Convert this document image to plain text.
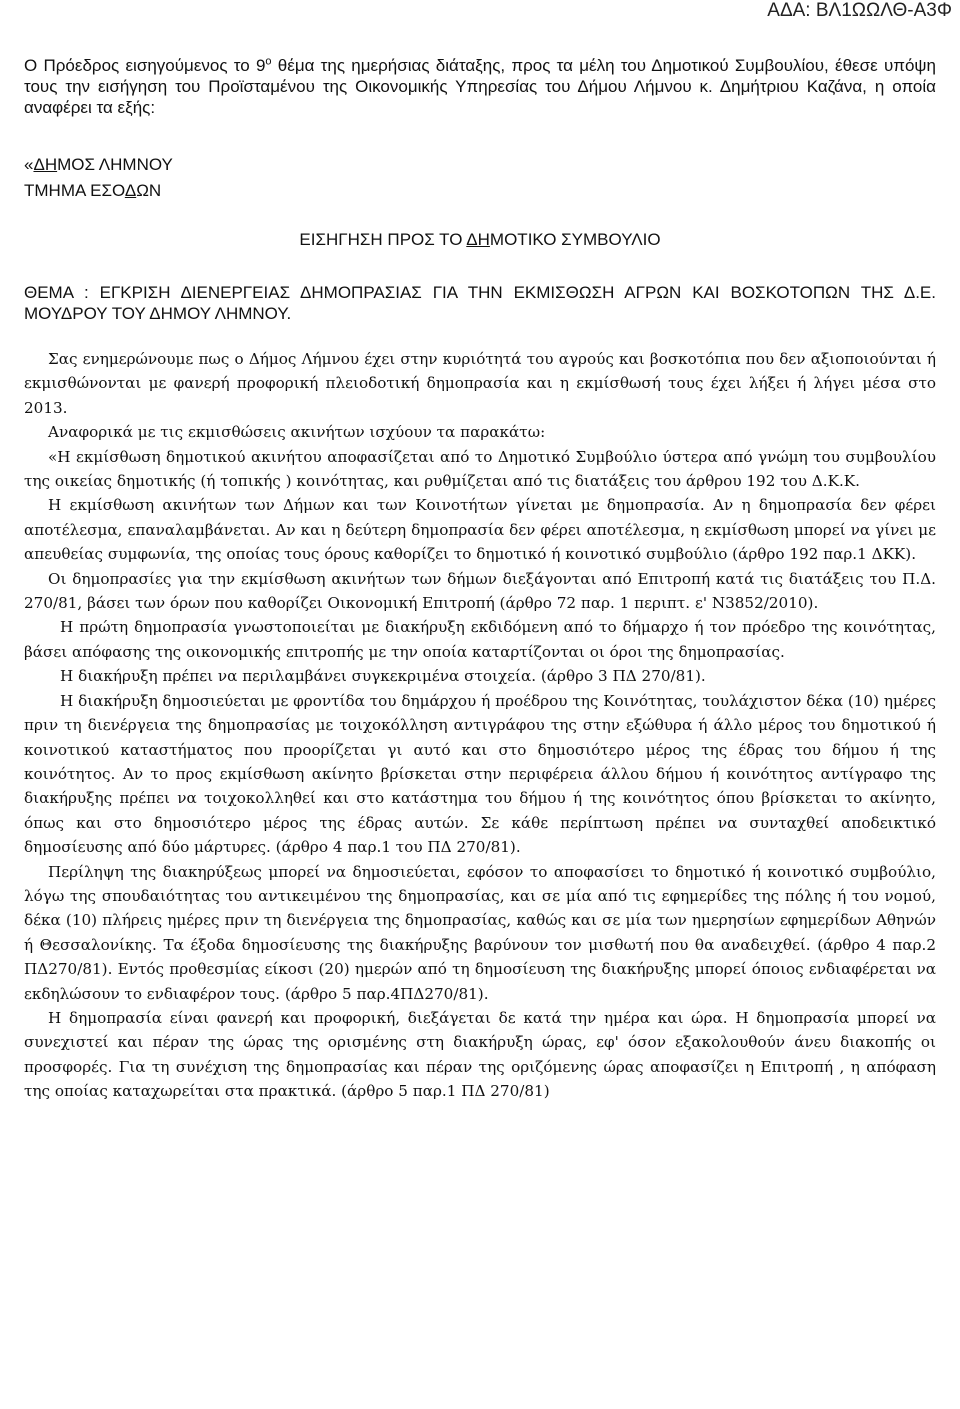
ΑΔΑ: ΒΛ1ΩΩΛΘ-Α3Φ

Ο Πρόεδρος εισηγούμενος το $9^o$ θέμα της ημερήσιας διάταξης, προς τα μέλη του Δημοτικού Συμβουλίου, έθεσε υπόψη τους την εισήγηση του Προϊσταμένου της Οικονομικής Υπηρεσίας του Δήμου Λήμνου κ. Δημήτριου Καζάνα, η οποία αναφέρει τα εξής:

«ΔΗΜΟΣ ΛΗΜΝΟΥ
ΤΜΗΜΑ ΕΣΟΔΩΝ
ΕΙΣΗΓΗΣΗ ΠΡΟΣ ΤΟ ΔΗΜΟΤΙΚΟ ΣΥΜΒΟΥΛΙΟ

ΘΕΜΑ : ΕΓΚΡΙΣΗ ΔΙΕΝΕΡΓΕΙΑΣ ΔΗΜΟΠΡΑΣΙΑΣ ΓΙΑ ΤΗΝ ΕΚΜΙΣΘΩΣΗ ΑΓΡΩΝ ΚΑΙ ΒΟΣΚΟΤΟΠΩΝ ΤΗΣ Δ.Ε. ΜΟΥΔΡΟΥ ΤΟΥ ΔΗΜΟΥ ΛΗΜΝΟΥ.

Σας ενημερώνουμε πως ο Δήμος Λήμνου έχει στην κυριότητά του αγρούς και βοσκοτόπια που δεν αξιοποιούνται ή εκμισθώνονται με φανερή προφορική πλειοδοτική δημοπρασία και η εκμίσθωσή τους έχει λήξει ή λήγει μέσα στο 2013.

Αναφορικά με τις εκμισθώσεις ακινήτων ισχύουν τα παρακάτω:

«Η εκμίσθωση δημοτικού ακινήτου αποφασίζεται από το Δημοτικό Συμβούλιο ύστερα από γνώμη του συμβουλίου της οικείας δημοτικής (ή τοπικής ) κοινότητας, και ρυθμίζεται από τις διατάξεις του άρθρου 192 του Δ.Κ.Κ.

Η εκμίσθωση ακινήτων των Δήμων και των Κοινοτήτων γίνεται με δημοπρασία. Αν η δημοπρασία δεν φέρει αποτέλεσμα, επαναλαμβάνεται. Αν και η δεύτερη δημοπρασία δεν φέρει αποτέλεσμα, η εκμίσθωση μπορεί να γίνει με απευθείας συμφωνία, της οποίας τους όρους καθορίζει το δημοτικό ή κοινοτικό συμβούλιο (άρθρο 192 παρ.1 ΔΚΚ).

Οι δημοπρασίες για την εκμίσθωση ακινήτων των δήμων διεξάγονται από Επιτροπή κατά τις διατάξεις του Π.Δ. 270/81, βάσει των όρων που καθορίζει Οικονομική Επιτροπή (άρθρο 72 παρ. 1 περιπτ. ε' Ν3852/2010).

Η πρώτη δημοπρασία γνωστοποιείται με διακήρυξη εκδιδόμενη από το δήμαρχο ή τον πρόεδρο της κοινότητας, βάσει απόφασης της οικονομικής επιτροπής με την οποία καταρτίζονται οι όροι της δημοπρασίας.

Η διακήρυξη πρέπει να περιλαμβάνει συγκεκριμένα στοιχεία. (άρθρο 3 ΠΔ 270/81).

Η διακήρυξη δημοσιεύεται με φροντίδα του δημάρχου ή προέδρου της Κοινότητας, τουλάχιστον δέκα (10) ημέρες πριν τη διενέργεια της δημοπρασίας με τοιχοκόλληση αντιγράφου της στην εξώθυρα ή άλλο μέρος του δημοτικού ή κοινοτικού καταστήματος που προορίζεται γι αυτό και στο δημοσιότερο μέρος της έδρας του δήμου ή της κοινότητος. Αν το προς εκμίσθωση ακίνητο βρίσκεται στην περιφέρεια άλλου δήμου ή κοινότητος αντίγραφο της διακήρυξης πρέπει να τοιχοκολληθεί και στο κατάστημα του δήμου ή της κοινότητος όπου βρίσκεται το ακίνητο, όπως και στο δημοσιότερο μέρος της έδρας αυτών. Σε κάθε περίπτωση πρέπει να συνταχθεί αποδεικτικό δημοσίευσης από δύο μάρτυρες. (άρθρο 4 παρ.1 του ΠΔ 270/81).

Περίληψη της διακηρύξεως μπορεί να δημοσιεύεται, εφόσον το αποφασίσει το δημοτικό ή κοινοτικό συμβούλιο, λόγω της σπουδαιότητας του αντικειμένου της δημοπρασίας, και σε μία από τις εφημερίδες της πόλης ή του νομού, δέκα (10) πλήρεις ημέρες πριν τη διενέργεια της δημοπρασίας, καθώς και σε μία των ημερησίων εφημερίδων Αθηνών ή Θεσσαλονίκης. Τα έξοδα δημοσίευσης της διακήρυξης βαρύνουν τον μισθωτή που θα αναδειχθεί. (άρθρο 4 παρ.2 ΠΔ270/81). Εντός προθεσμίας είκοσι (20) ημερών από τη δημοσίευση της διακήρυξης μπορεί όποιος ενδιαφέρεται να εκδηλώσουν το ενδιαφέρον τους. (άρθρο 5 παρ.4ΠΔ270/81).

Η δημοπρασία είναι φανερή και προφορική, διεξάγεται δε κατά την ημέρα και ώρα. Η δημοπρασία μπορεί να συνεχιστεί και πέραν της ώρας της ορισμένης στη διακήρυξη ώρας, εφ' όσον εξακολουθούν άνευ διακοπής οι προσφορές. Για τη συνέχιση της δημοπρασίας και πέραν της οριζόμενης ώρας αποφασίζει η Επιτροπή , η απόφαση της οποίας καταχωρείται στα πρακτικά. (άρθρο 5 παρ.1 ΠΔ 270/81)
